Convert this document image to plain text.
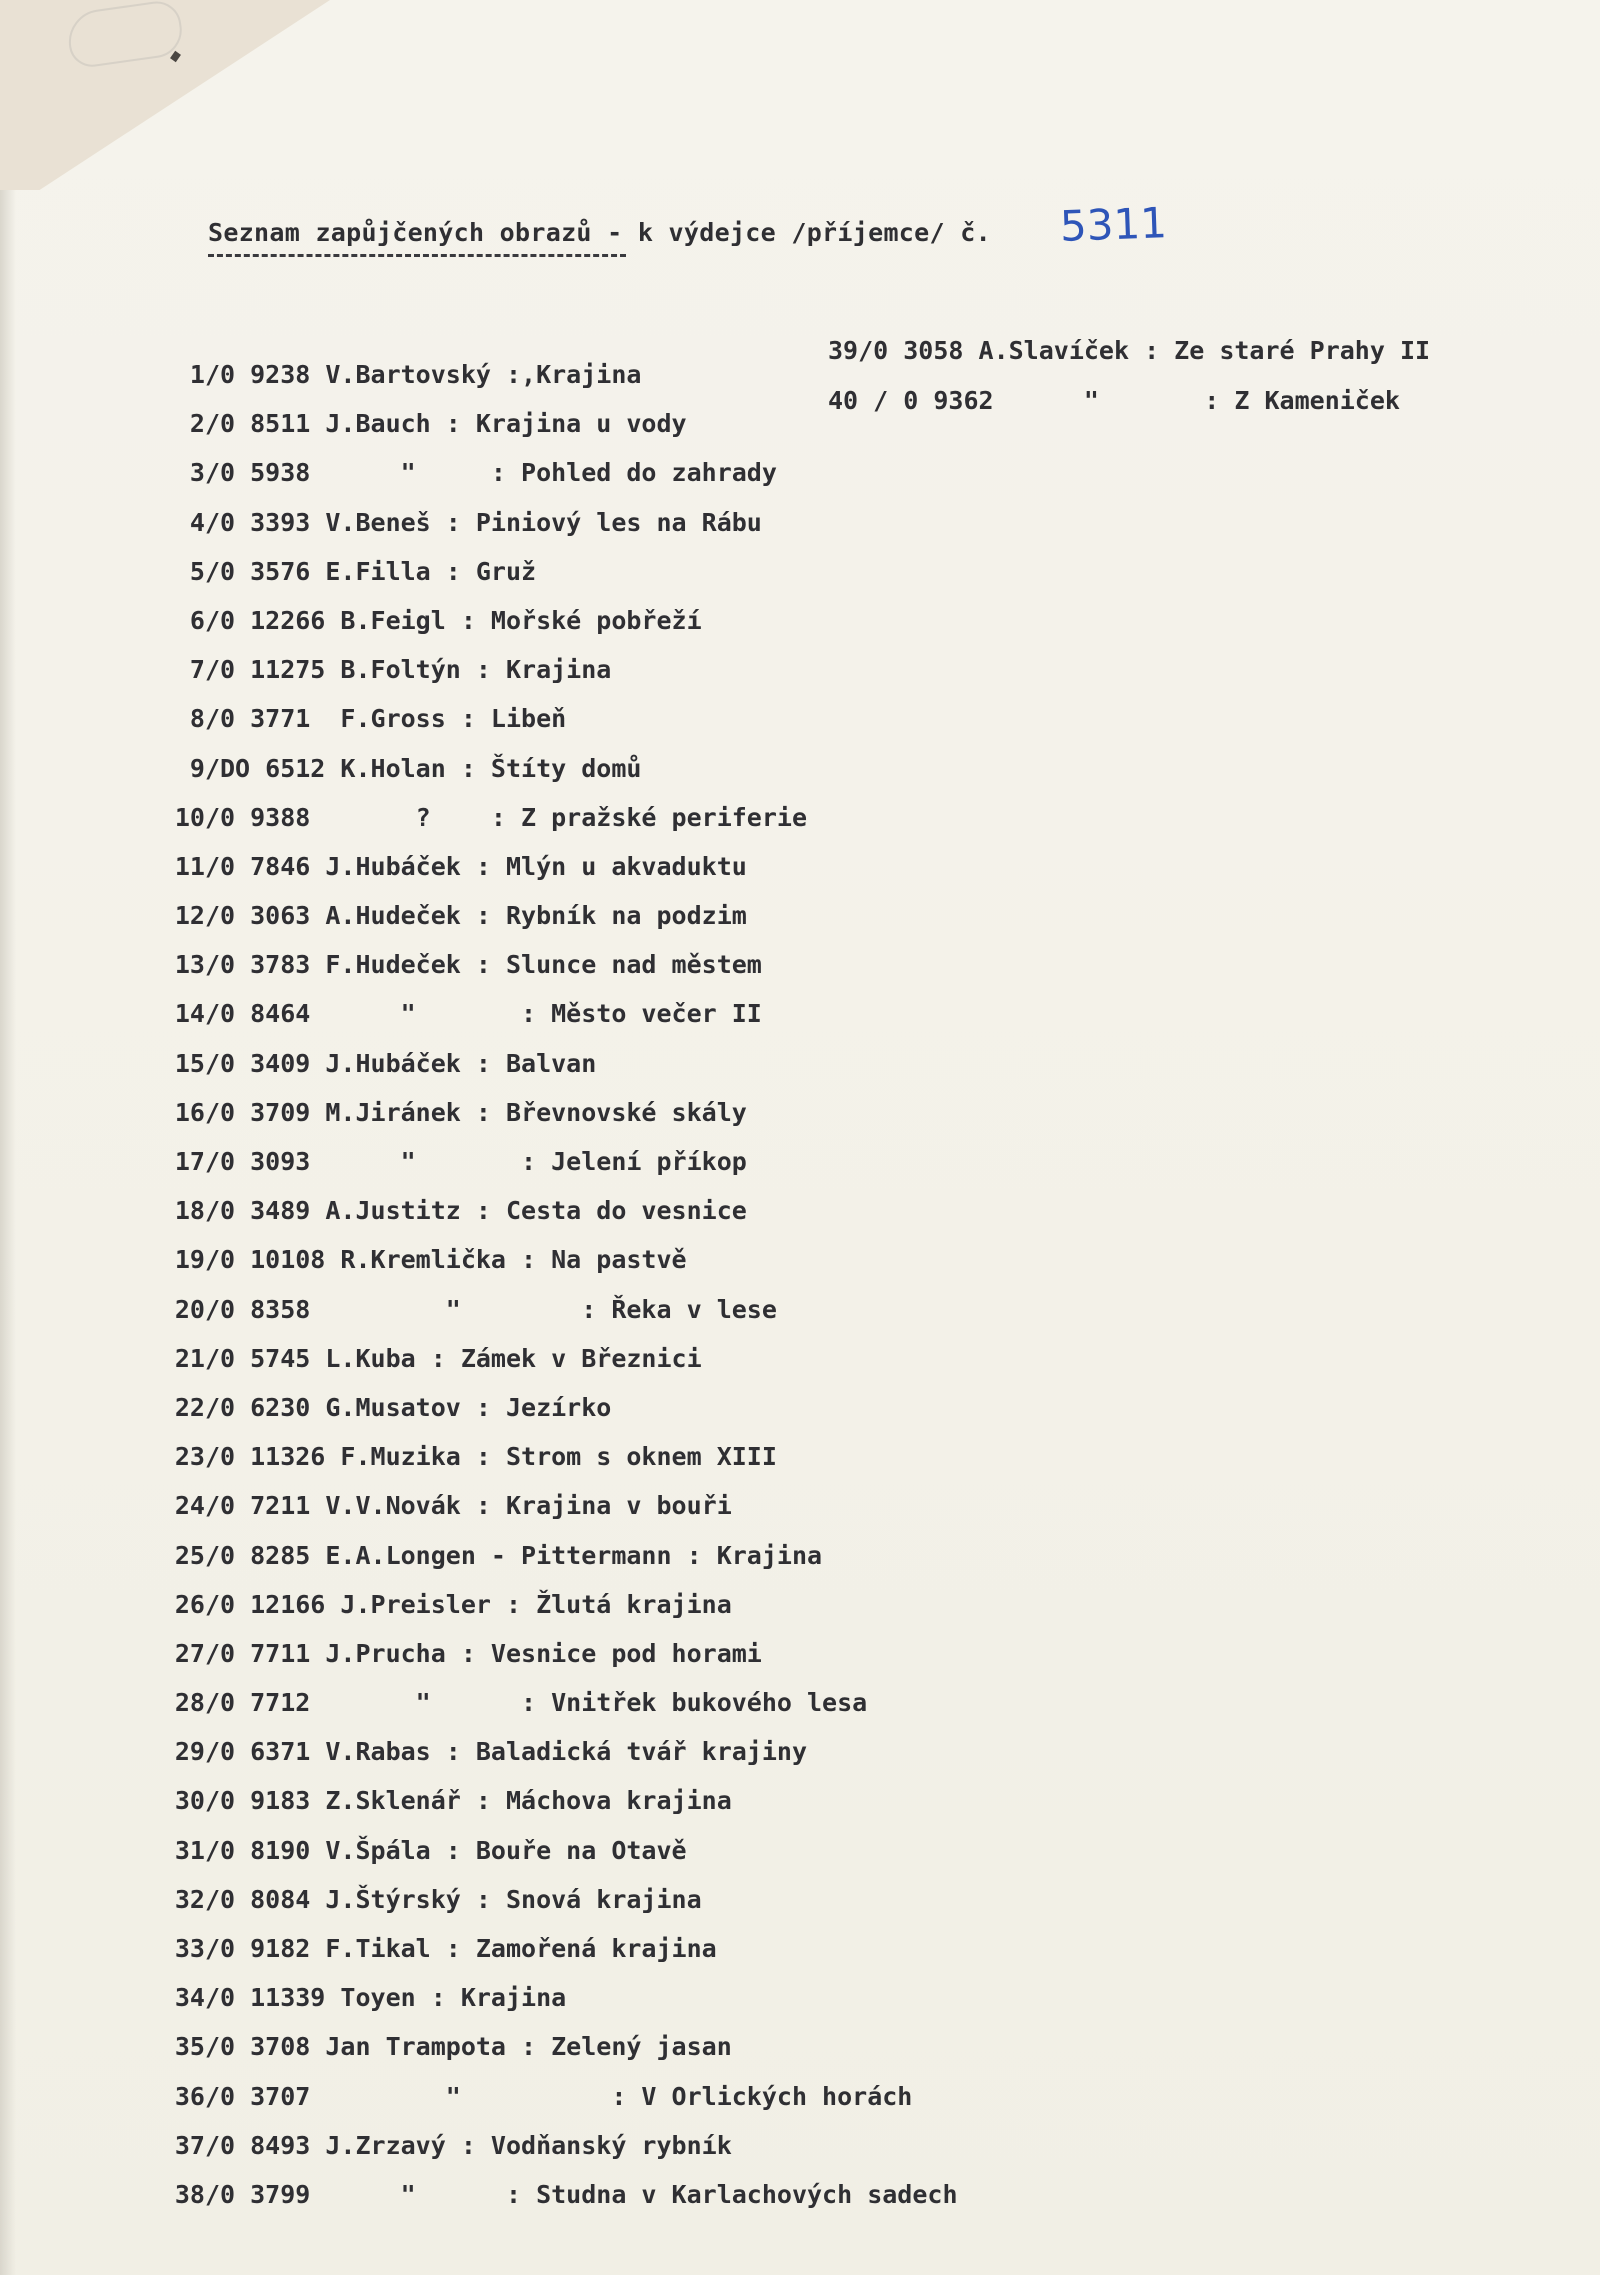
Seznam zapůjčených obrazů - k výdejce /příjemce/ č. 5311
1/ 0 9238 V.Bartovský :,Krajina
2/ 0 8511 J.Bauch : Krajina u vody
3/ 0 5938      "     : Pohled do zahrady
4/ 0 3393 V.Beneš : Piniový les na Rábu
5/ 0 3576 E.Filla : Gruž
6/ 0 12266 B.Feigl : Mořské pobřeží
7/ 0 11275 B.Foltýn : Krajina
8/ 0 3771  F.Gross : Libeň
9/ DO 6512 K.Holan : Štíty domů
10/ 0 9388       ?    : Z pražské periferie
11/ 0 7846 J.Hubáček : Mlýn u akvaduktu
12/ 0 3063 A.Hudeček : Rybník na podzim
13/ 0 3783 F.Hudeček : Slunce nad městem
14/ 0 8464      "       : Město večer II
15/ 0 3409 J.Hubáček : Balvan
16/ 0 3709 M.Jiránek : Břevnovské skály
17/ 0 3093      "       : Jelení příkop
18/ 0 3489 A.Justitz : Cesta do vesnice
19/ 0 10108 R.Kremlička : Na pastvě
20/ 0 8358         "        : Řeka v lese
21/ 0 5745 L.Kuba : Zámek v Březnici
22/ 0 6230 G.Musatov : Jezírko
23/ 0 11326 F.Muzika : Strom s oknem XIII
24/ 0 7211 V.V.Novák : Krajina v bouři
25/ 0 8285 E.A.Longen - Pittermann : Krajina
26/ 0 12166 J.Preisler : Žlutá krajina
27/ 0 7711 J.Prucha : Vesnice pod horami
28/ 0 7712       "      : Vnitřek bukového lesa
29/ 0 6371 V.Rabas : Baladická tvář krajiny
30/ 0 9183 Z.Sklenář : Máchova krajina
31/ 0 8190 V.Špála : Bouře na Otavě
32/ 0 8084 J.Štýrský : Snová krajina
33/ 0 9182 F.Tikal : Zamořená krajina
34/ 0 11339 Toyen : Krajina
35/ 0 3708 Jan Trampota : Zelený jasan
36/ 0 3707         "          : V Orlických horách
37/ 0 8493 J.Zrzavý : Vodňanský rybník
38/ 0 3799      "      : Studna v Karlachových sadech
39/0 3058 A.Slavíček : Ze staré Prahy II
40 / 0 9362      "       : Z Kameniček
